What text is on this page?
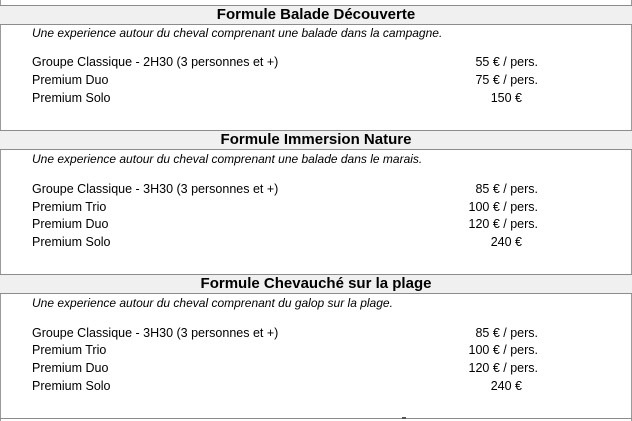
Formule Balade Découverte
Une experience autour du cheval comprenant une balade dans la campagne.
Groupe Classique - 2H30 (3 personnes et +)	55 € / pers.
Premium Duo	75 € / pers.
Premium Solo	150 €
Formule Immersion Nature
Une experience autour du cheval comprenant une balade dans le marais.
Groupe Classique - 3H30 (3 personnes et +)	85 € / pers.
Premium Trio	100 € / pers.
Premium Duo	120 € / pers.
Premium Solo	240 €
Formule Chevauché sur la plage
Une experience autour du cheval comprenant du galop sur la plage.
Groupe Classique - 3H30 (3 personnes et +)	85 € / pers.
Premium Trio	100 € / pers.
Premium Duo	120 € / pers.
Premium Solo	240 €
